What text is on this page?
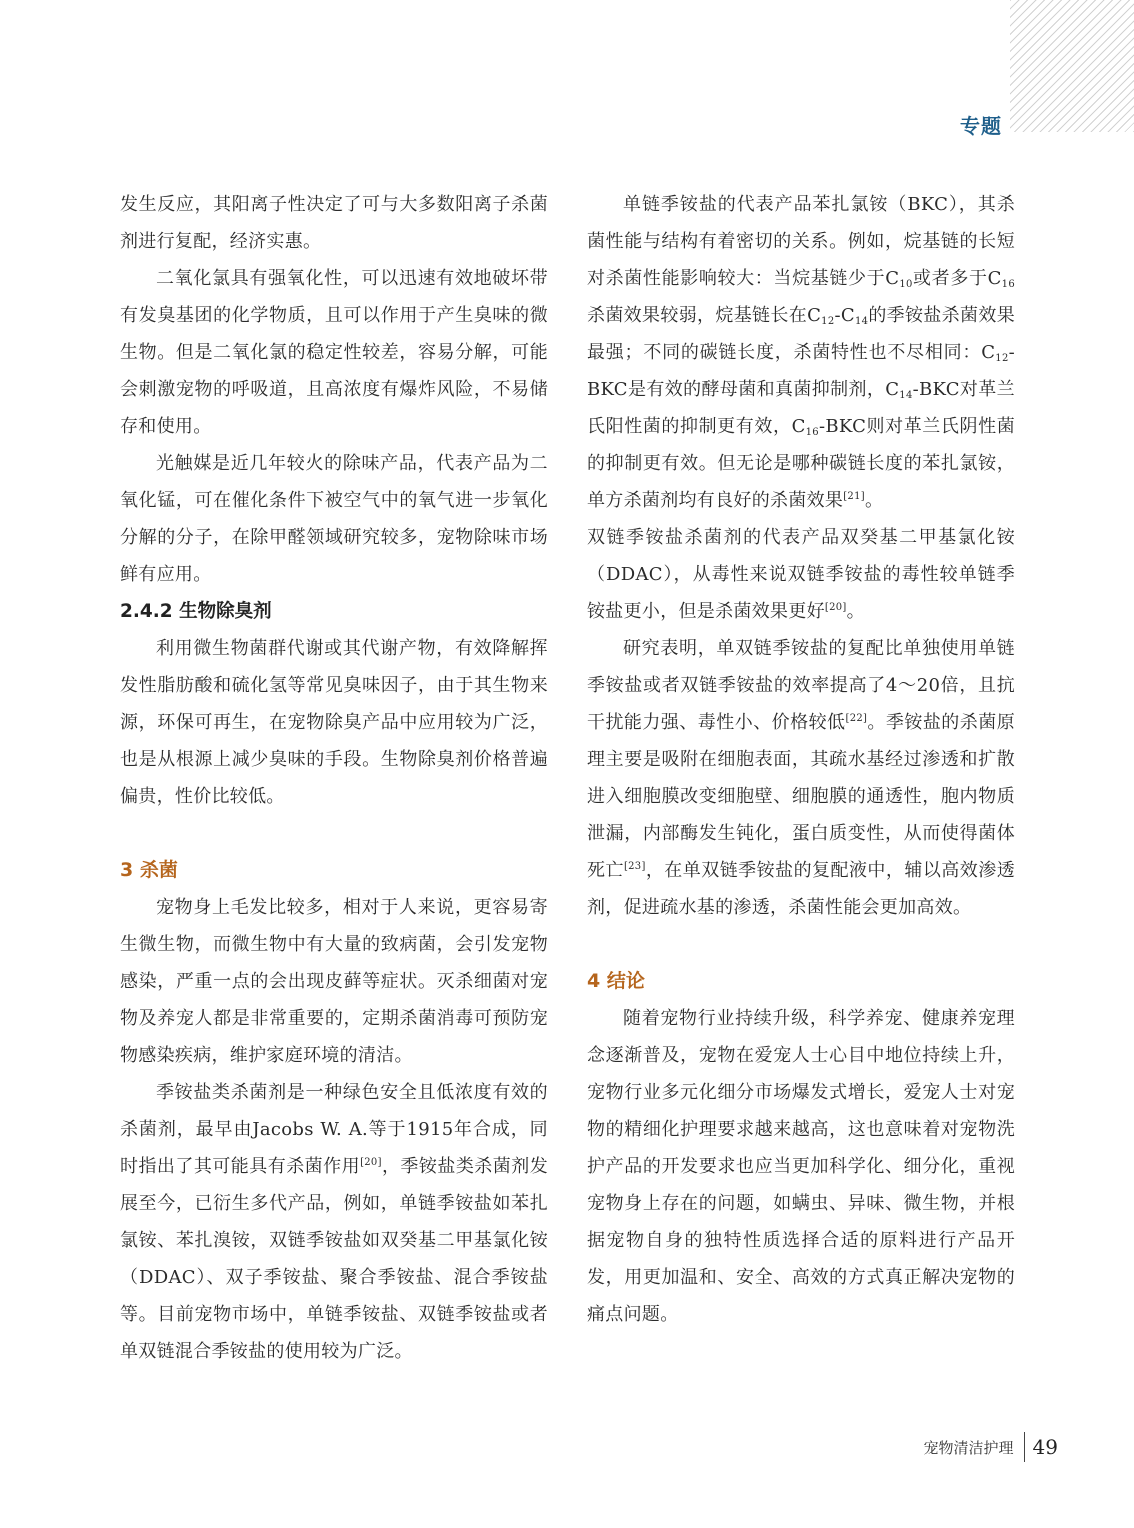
专题

发生反应，其阳离子性决定了可与大多数阳离子杀菌剂进行复配，经济实惠。

二氧化氯具有强氧化性，可以迅速有效地破坏带有发臭基团的化学物质，且可以作用于产生臭味的微生物。但是二氧化氯的稳定性较差，容易分解，可能会刺激宠物的呼吸道，且高浓度有爆炸风险，不易储存和使用。

光触媒是近几年较火的除味产品，代表产品为二氧化锰，可在催化条件下被空气中的氧气进一步氧化分解的分子，在除甲醛领域研究较多，宠物除味市场鲜有应用。

2.4.2 生物除臭剂

利用微生物菌群代谢或其代谢产物，有效降解挥发性脂肪酸和硫化氢等常见臭味因子，由于其生物来源，环保可再生，在宠物除臭产品中应用较为广泛，也是从根源上减少臭味的手段。生物除臭剂价格普遍偏贵，性价比较低。

3 杀菌

宠物身上毛发比较多，相对于人来说，更容易寄生微生物，而微生物中有大量的致病菌，会引发宠物感染，严重一点的会出现皮藓等症状。灭杀细菌对宠物及养宠人都是非常重要的，定期杀菌消毒可预防宠物感染疾病，维护家庭环境的清洁。

季铵盐类杀菌剂是一种绿色安全且低浓度有效的杀菌剂，最早由Jacobs W. A.等于1915年合成，同时指出了其可能具有杀菌作用[20]，季铵盐类杀菌剂发展至今，已衍生多代产品，例如，单链季铵盐如苯扎氯铵、苯扎溴铵，双链季铵盐如双癸基二甲基氯化铵（DDAC）、双子季铵盐、聚合季铵盐、混合季铵盐等。目前宠物市场中，单链季铵盐、双链季铵盐或者单双链混合季铵盐的使用较为广泛。

单链季铵盐的代表产品苯扎氯铵（BKC），其杀菌性能与结构有着密切的关系。例如，烷基链的长短对杀菌性能影响较大：当烷基链少于$C_{10}$或者多于$C_{16}$杀菌效果较弱，烷基链长在$C_{12}-C_{14}$的季铵盐杀菌效果最强；不同的碳链长度，杀菌特性也不尽相同：$C_{12}$-BKC是有效的酵母菌和真菌抑制剂，$C_{14}$-BKC对革兰氏阳性菌的抑制更有效，$C_{16}$-BKC则对革兰氏阴性菌的抑制更有效。但无论是哪种碳链长度的苯扎氯铵，单方杀菌剂均有良好的杀菌效果[21]。

双链季铵盐杀菌剂的代表产品双癸基二甲基氯化铵（DDAC），从毒性来说双链季铵盐的毒性较单链季铵盐更小，但是杀菌效果更好[20]。

研究表明，单双链季铵盐的复配比单独使用单链季铵盐或者双链季铵盐的效率提高了4～20倍，且抗干扰能力强、毒性小、价格较低[22]。季铵盐的杀菌原理主要是吸附在细胞表面，其疏水基经过渗透和扩散进入细胞膜改变细胞壁、细胞膜的通透性，胞内物质泄漏，内部酶发生钝化，蛋白质变性，从而使得菌体死亡[23]，在单双链季铵盐的复配液中，辅以高效渗透剂，促进疏水基的渗透，杀菌性能会更加高效。

4 结论

随着宠物行业持续升级，科学养宠、健康养宠理念逐渐普及，宠物在爱宠人士心目中地位持续上升，宠物行业多元化细分市场爆发式增长，爱宠人士对宠物的精细化护理要求越来越高，这也意味着对宠物洗护产品的开发要求也应当更加科学化、细分化，重视宠物身上存在的问题，如螨虫、异味、微生物，并根据宠物自身的独特性质选择合适的原料进行产品开发，用更加温和、安全、高效的方式真正解决宠物的痛点问题。

宠物清洁护理 49
